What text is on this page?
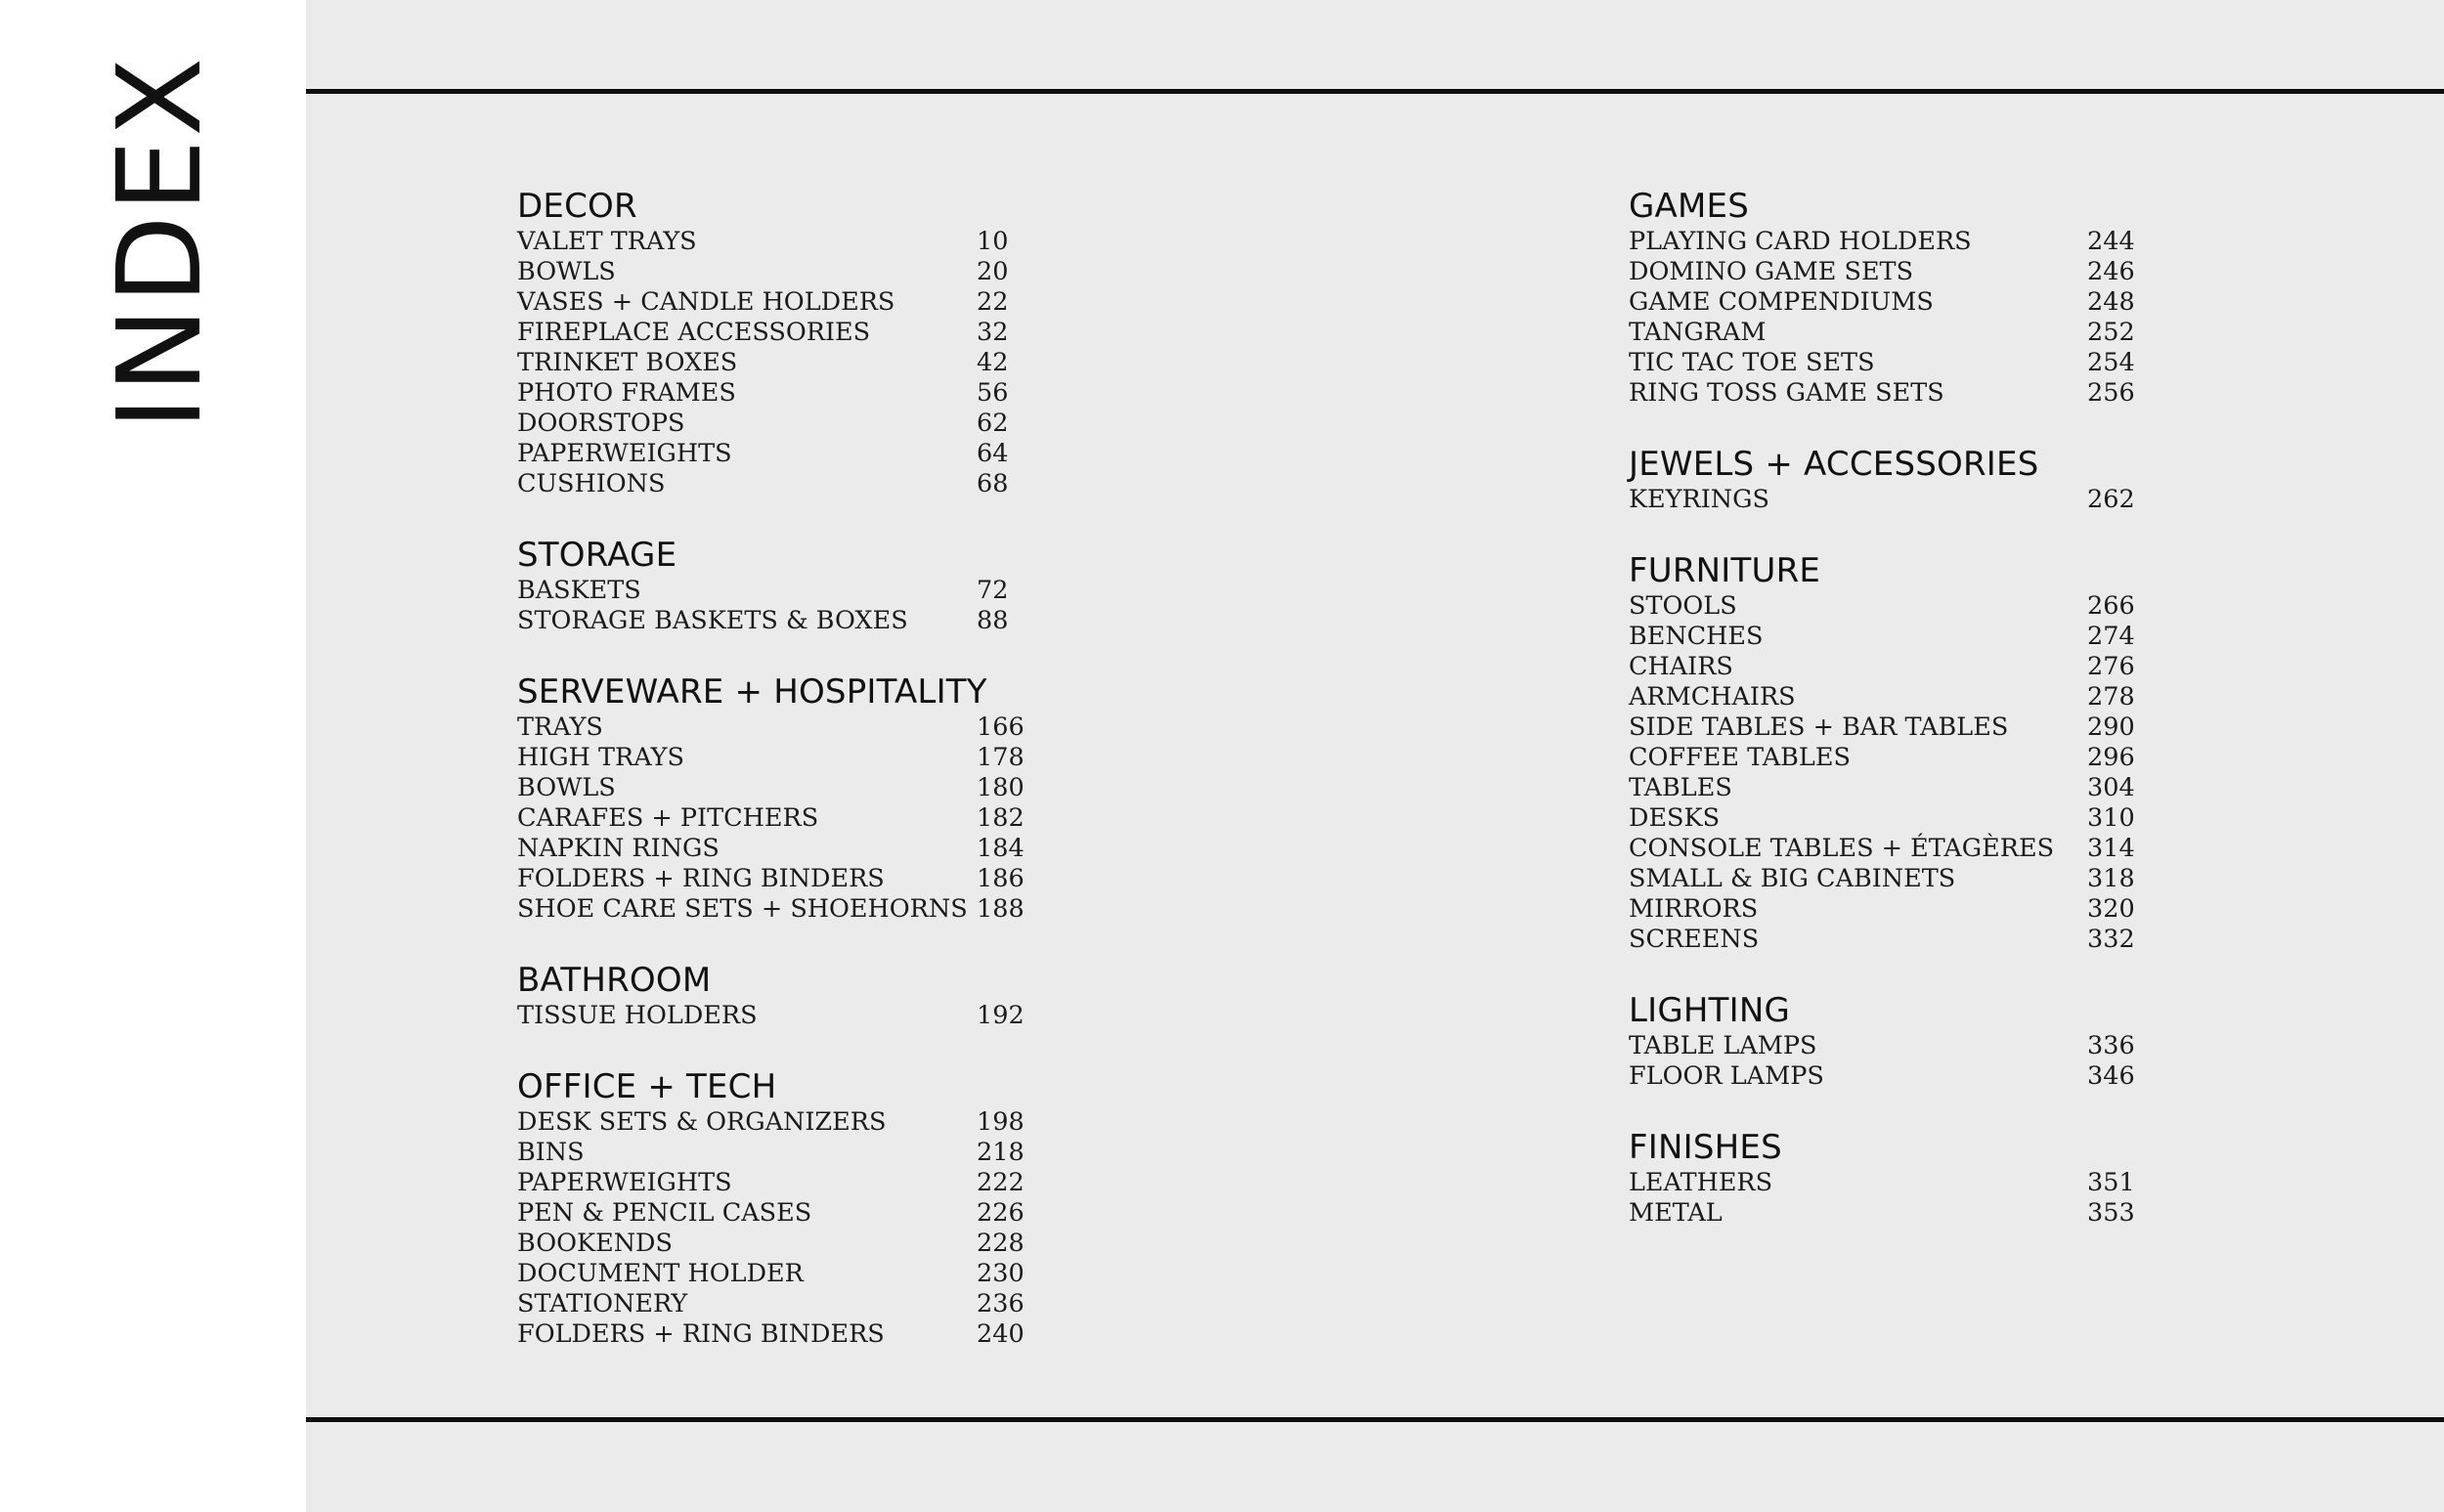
INDEX	DECOR
VALET TRAYS	10
BOWLS	20
VASES + CANDLE HOLDERS	22
FIREPLACE ACCESSORIES	32
TRINKET BOXES	42
PHOTO FRAMES	56
DOORSTOPS	62
PAPERWEIGHTS	64
CUSHIONS	68
STORAGE
BASKETS	72
STORAGE BASKETS & BOXES	88
SERVEWARE + HOSPITALITY
TRAYS	166
HIGH TRAYS	178
BOWLS	180
CARAFES + PITCHERS	182
NAPKIN RINGS	184
FOLDERS + RING BINDERS	186
SHOE CARE SETS + SHOEHORNS 188
BATHROOM
TISSUE HOLDERS	192
OFFICE + TECH
DESK SETS & ORGANIZERS	198
BINS	218
PAPERWEIGHTS	222
PEN & PENCIL CASES	226
BOOKENDS	228
DOCUMENT HOLDER	230
STATIONERY	236
FOLDERS + RING BINDERS	240
GAMES
PLAYING CARD HOLDERS	244
DOMINO GAME SETS	246
GAME COMPENDIUMS	248
TANGRAM	252
TIC TAC TOE SETS	254
RING TOSS GAME SETS	256
JEWELS + ACCESSORIES
KEYRINGS	262
FURNITURE
STOOLS	266
BENCHES	274
CHAIRS	276
ARMCHAIRS	278
SIDE TABLES + BAR TABLES	290
COFFEE TABLES	296
TABLES	304
DESKS	310
CONSOLE TABLES + ÉTAGÈRES 314
SMALL & BIG CABINETS	318
MIRRORS	320
SCREENS	332
LIGHTING
TABLE LAMPS	336
FLOOR LAMPS	346
FINISHES
LEATHERS	351
METAL	353
